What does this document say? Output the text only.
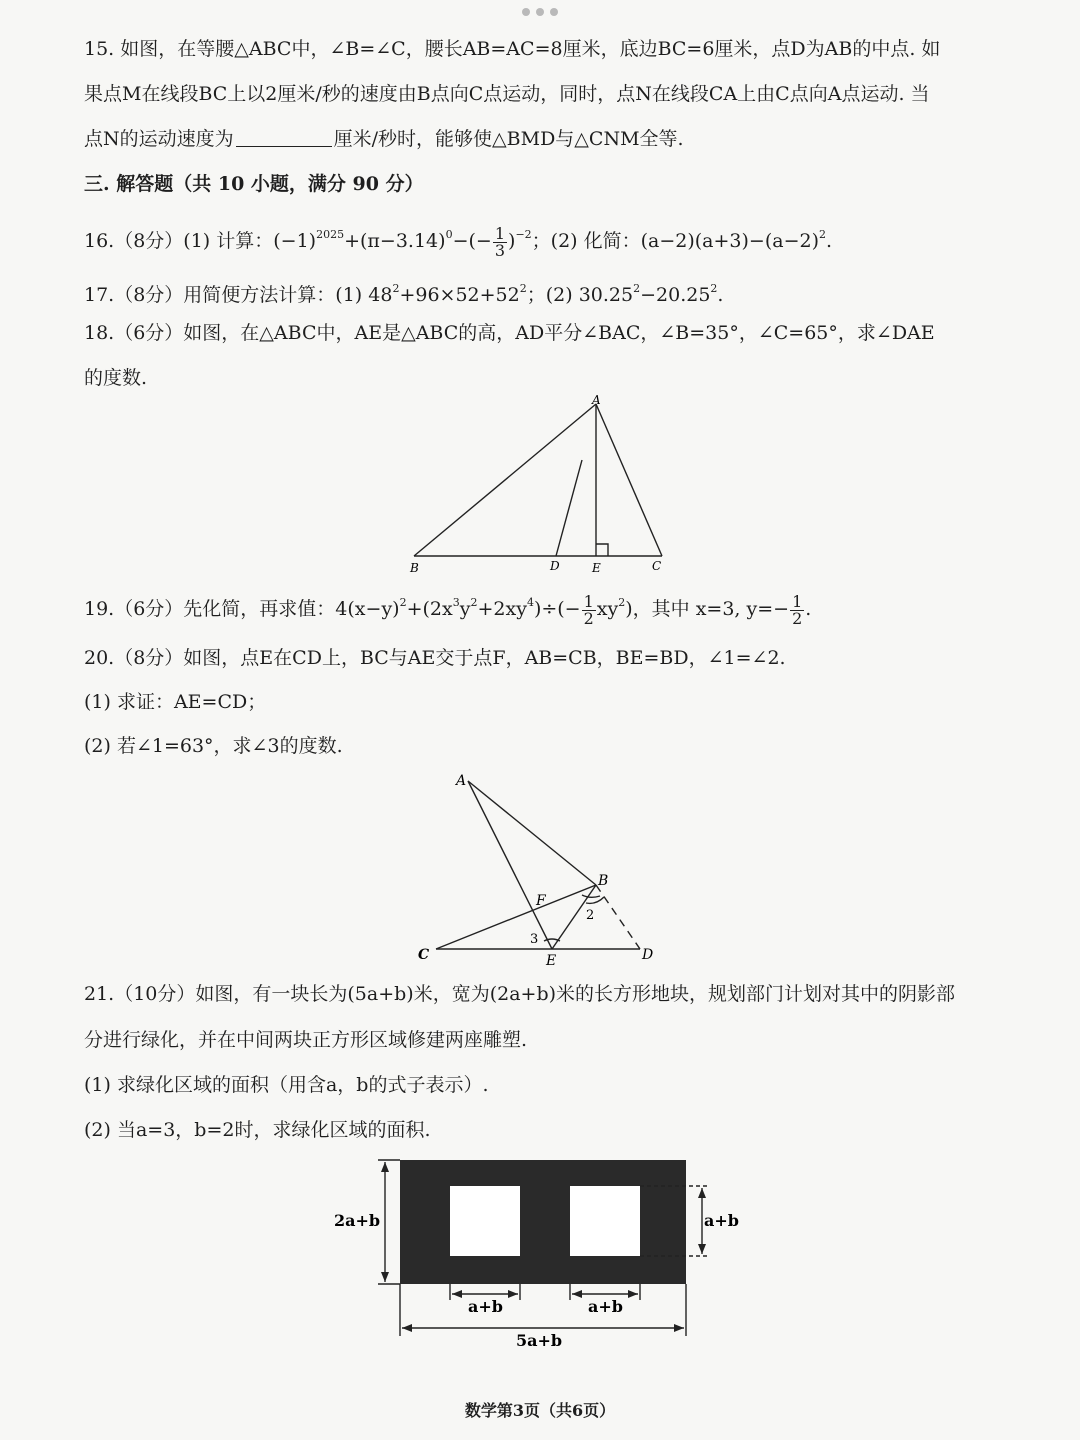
15. 如图，在等腰△ABC中，∠B=∠C，腰长AB=AC=8厘米，底边BC=6厘米，点D为AB的中点. 如
果点M在线段BC上以2厘米/秒的速度由B点向C点运动，同时，点N在线段CA上由C点向A点运动. 当
点N的运动速度为	厘米/秒时，能够使△BMD与△CNM全等.
三. 解答题（共 10 小题，满分 90 分）
16.（8分）(1) 计算：$(-1)^{2025}+(\pi-3.14)^0-(- \frac{1}{3} )^{-2}$；(2) 化简：$(a-2)(a+3)-(a-2)^2$.
17.（8分）用简便方法计算：(1) $48^2+96\times 52+52^2$；(2) $30.25^2-20.25^2$.
18.（6分）如图，在△ABC中，AE是△ABC的高，AD平分∠BAC，∠B=35°，∠C=65°，求∠DAE
的度数.
A
B	C
D	E
19.（6分）先化简，再求值：$4(x-y)^2+(2x^3y^2+2xy^4)\div(- \frac{1}{2} xy^2)$，其中 x=3, $y=- \frac{1}{2}$ .
20.（8分）如图，点E在CD上，BC与AE交于点F，AB=CB，BE=BD，∠1=∠2.
(1) 求证：AE=CD；
(2) 若∠1=63°，求∠3的度数.
A
B
C	D
E
F
2
3
21.（10分）如图，有一块长为(5a+b)米，宽为(2a+b)米的长方形地块，规划部门计划对其中的阴影部
分进行绿化，并在中间两块正方形区域修建两座雕塑.
(1) 求绿化区域的面积（用含a，b的式子表示）.
(2) 当a=3，b=2时，求绿化区域的面积.
2a+b	a+b
a+b	a+b
5a+b
数学第3页（共6页）
